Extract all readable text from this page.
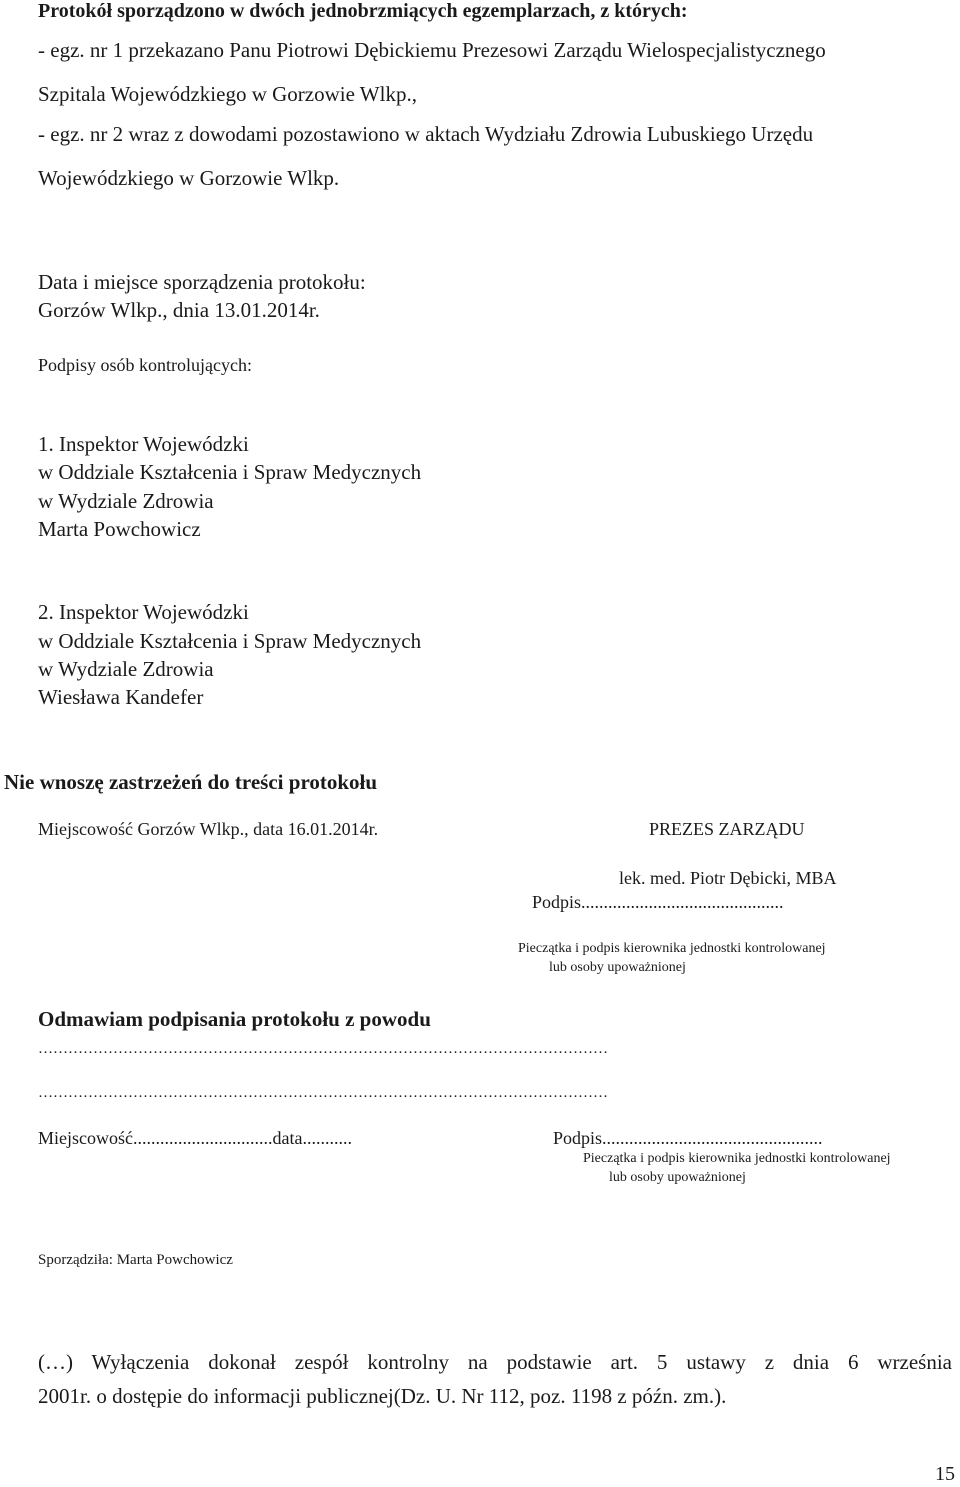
Protokół sporządzono w dwóch jednobrzmiących egzemplarzach, z których:
- egz. nr 1 przekazano Panu Piotrowi Dębickiemu Prezesowi Zarządu Wielospecjalistycznego
Szpitala Wojewódzkiego w Gorzowie Wlkp.,
- egz. nr 2 wraz z dowodami pozostawiono w aktach Wydziału Zdrowia Lubuskiego Urzędu
Wojewódzkiego w Gorzowie Wlkp.
Data i miejsce sporządzenia protokołu:
Gorzów Wlkp., dnia 13.01.2014r.
Podpisy osób kontrolujących:
1. Inspektor Wojewódzki
w Oddziale Kształcenia i Spraw Medycznych
w Wydziale Zdrowia
Marta Powchowicz
2. Inspektor Wojewódzki
w Oddziale Kształcenia i Spraw Medycznych
w Wydziale Zdrowia
Wiesława Kandefer
Nie wnoszę zastrzeżeń do treści protokołu
Miejscowość Gorzów Wlkp., data 16.01.2014r.	PREZES ZARZĄDU
lek. med. Piotr Dębicki, MBA
Podpis.............................................
Pieczątka i podpis kierownika jednostki kontrolowanej
lub osoby upoważnionej
Odmawiam podpisania protokołu z powodu
……………………………………………………………………………………………………
……………………………………………………………………………………………………
Miejscowość...............................data...........	Podpis.................................................
Pieczątka i podpis kierownika jednostki kontrolowanej
lub osoby upoważnionej
Sporządziła: Marta Powchowicz
(…) Wyłączenia dokonał zespół kontrolny na podstawie art. 5 ustawy z dnia 6 września
2001r. o dostępie do informacji publicznej(Dz. U. Nr 112, poz. 1198 z późn. zm.).
15
